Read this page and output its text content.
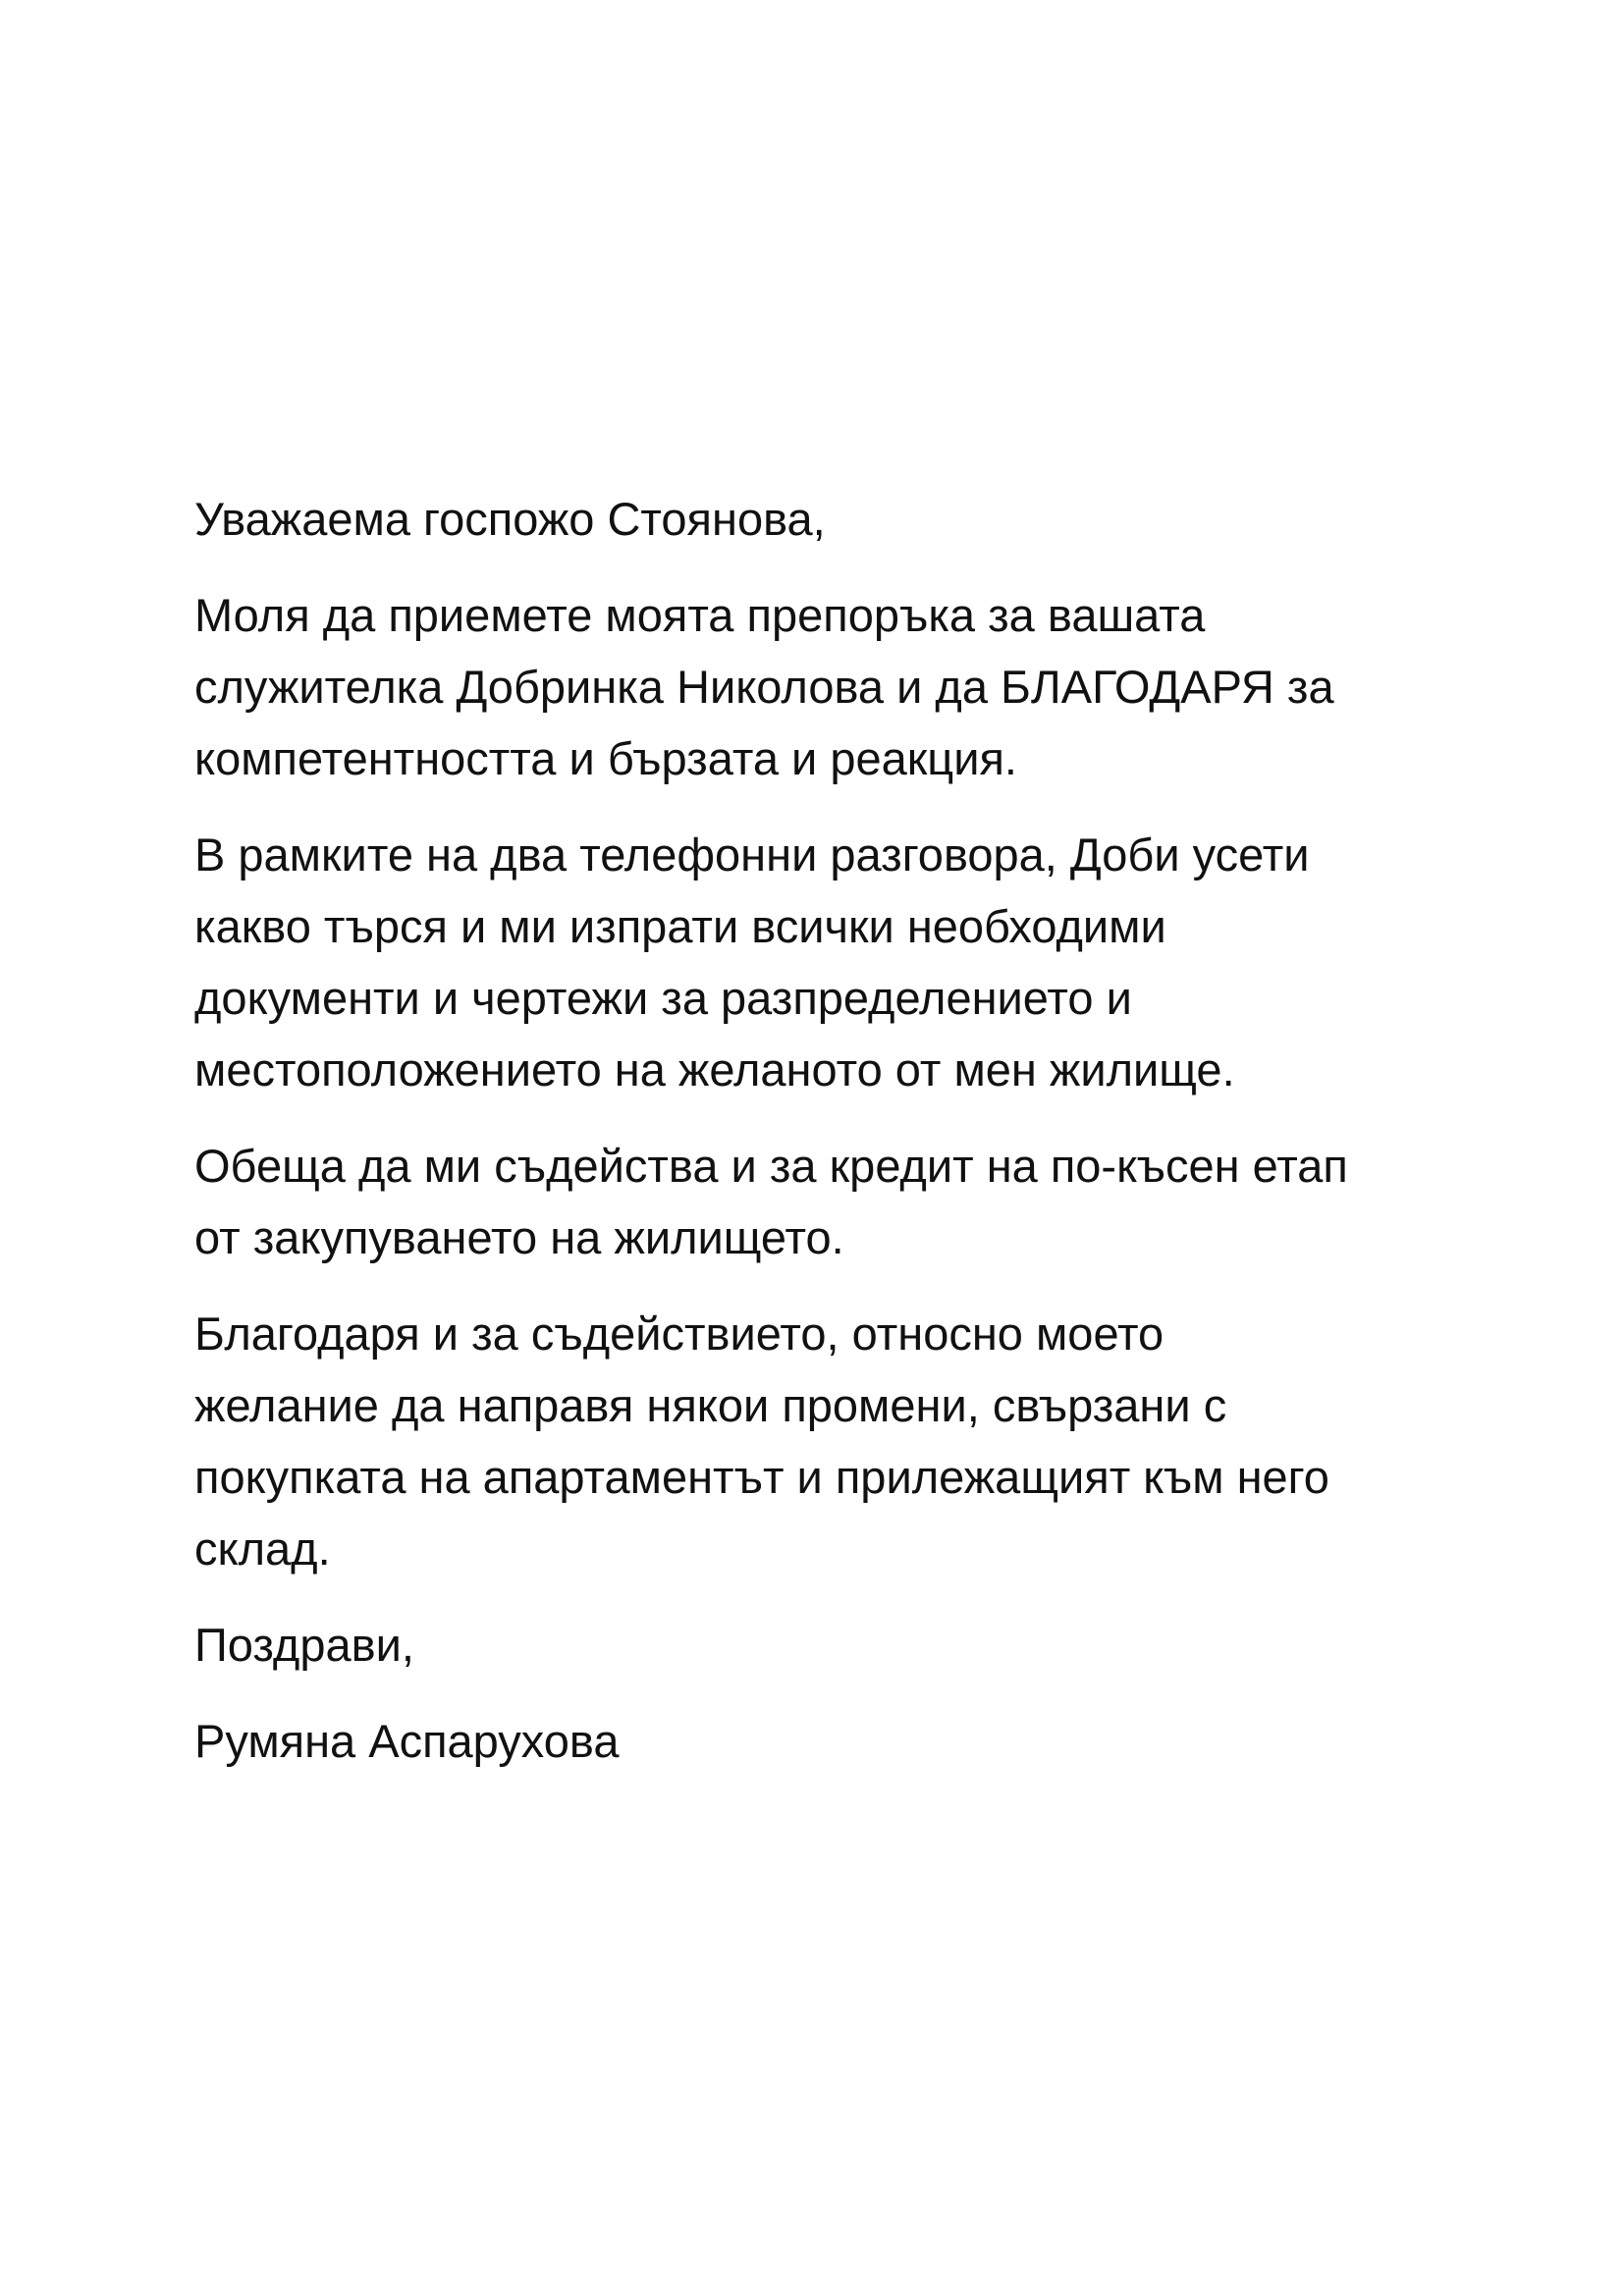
Уважаема госпожо Стоянова,

Моля да приемете моята препоръка за вашата
служителка Добринка Николова и да БЛАГОДАРЯ за
компетентността и бързата и реакция.

В рамките на два телефонни разговора, Доби усети
какво търся и ми изпрати всички необходими
документи и чертежи за разпределението и
местоположението на желаното от мен жилище.

Обеща да ми съдейства и за кредит на по-късен етап
от закупуването на жилището.

Благодаря и за съдействието, относно моето
желание да направя някои промени, свързани с
покупката на апартаментът и прилежащият към него
склад.

Поздрави,

Румяна Аспарухова
